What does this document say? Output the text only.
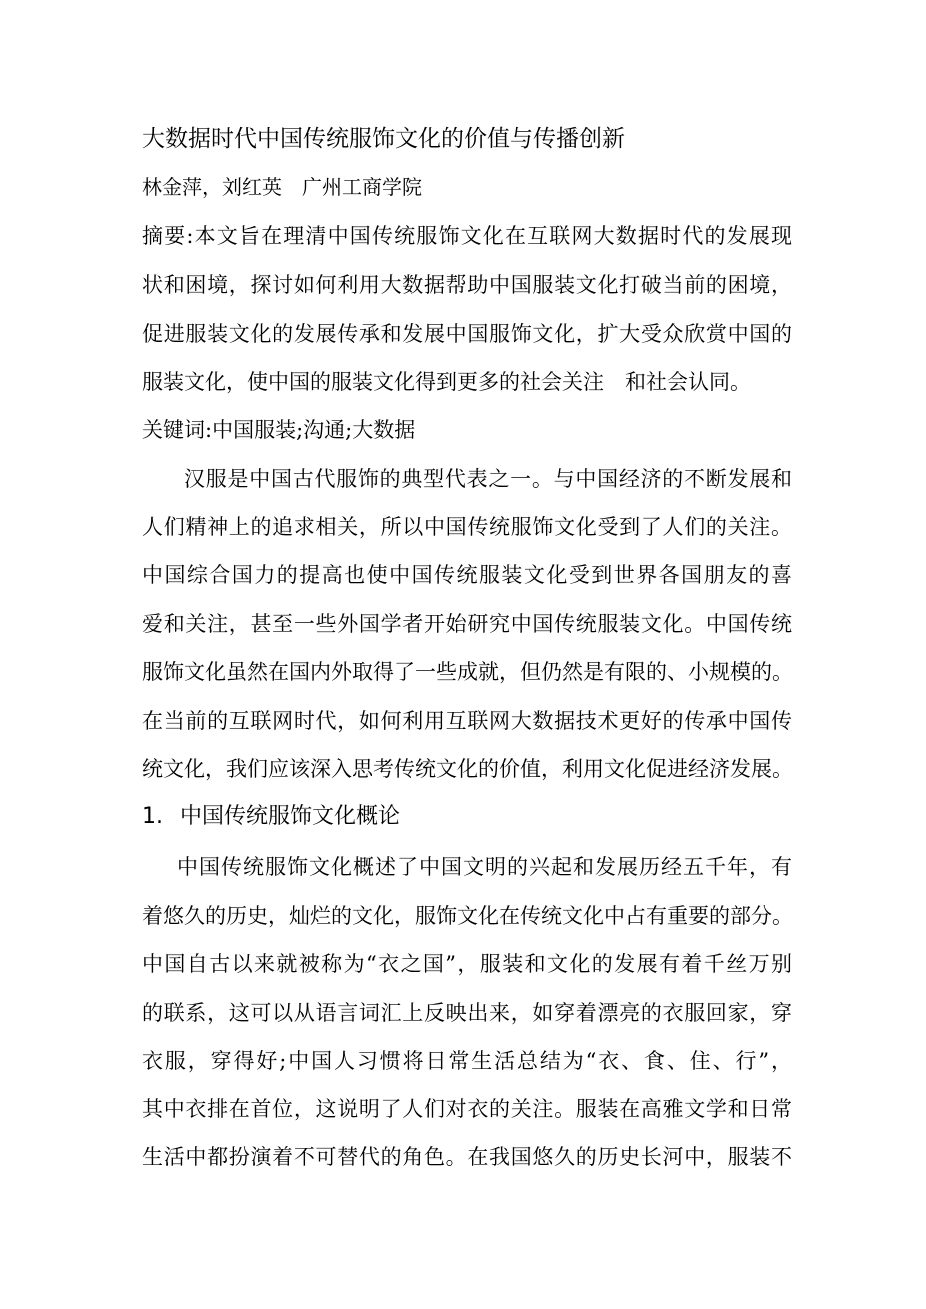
大数据时代中国传统服饰文化的价值与传播创新
林金萍，刘红英　广州工商学院
摘要:本文旨在理清中国传统服饰文化在互联网大数据时代的发展现
状和困境，探讨如何利用大数据帮助中国服装文化打破当前的困境，
促进服装文化的发展传承和发展中国服饰文化，扩大受众欣赏中国的
服装文化，使中国的服装文化得到更多的社会关注　和社会认同。
关键词:中国服装;沟通;大数据
汉服是中国古代服饰的典型代表之一。与中国经济的不断发展和
人们精神上的追求相关，所以中国传统服饰文化受到了人们的关注。
中国综合国力的提高也使中国传统服装文化受到世界各国朋友的喜
爱和关注，甚至一些外国学者开始研究中国传统服装文化。中国传统
服饰文化虽然在国内外取得了一些成就，但仍然是有限的、小规模的。
在当前的互联网时代，如何利用互联网大数据技术更好的传承中国传
统文化，我们应该深入思考传统文化的价值，利用文化促进经济发展。
1. 中国传统服饰文化概论
中国传统服饰文化概述了中国文明的兴起和发展历经五千年，有
着悠久的历史，灿烂的文化，服饰文化在传统文化中占有重要的部分。
中国自古以来就被称为“衣之国”，服装和文化的发展有着千丝万别
的联系，这可以从语言词汇上反映出来，如穿着漂亮的衣服回家，穿
衣服，穿得好;中国人习惯将日常生活总结为“衣、食、住、行”，
其中衣排在首位，这说明了人们对衣的关注。服装在高雅文学和日常
生活中都扮演着不可替代的角色。在我国悠久的历史长河中，服装不
